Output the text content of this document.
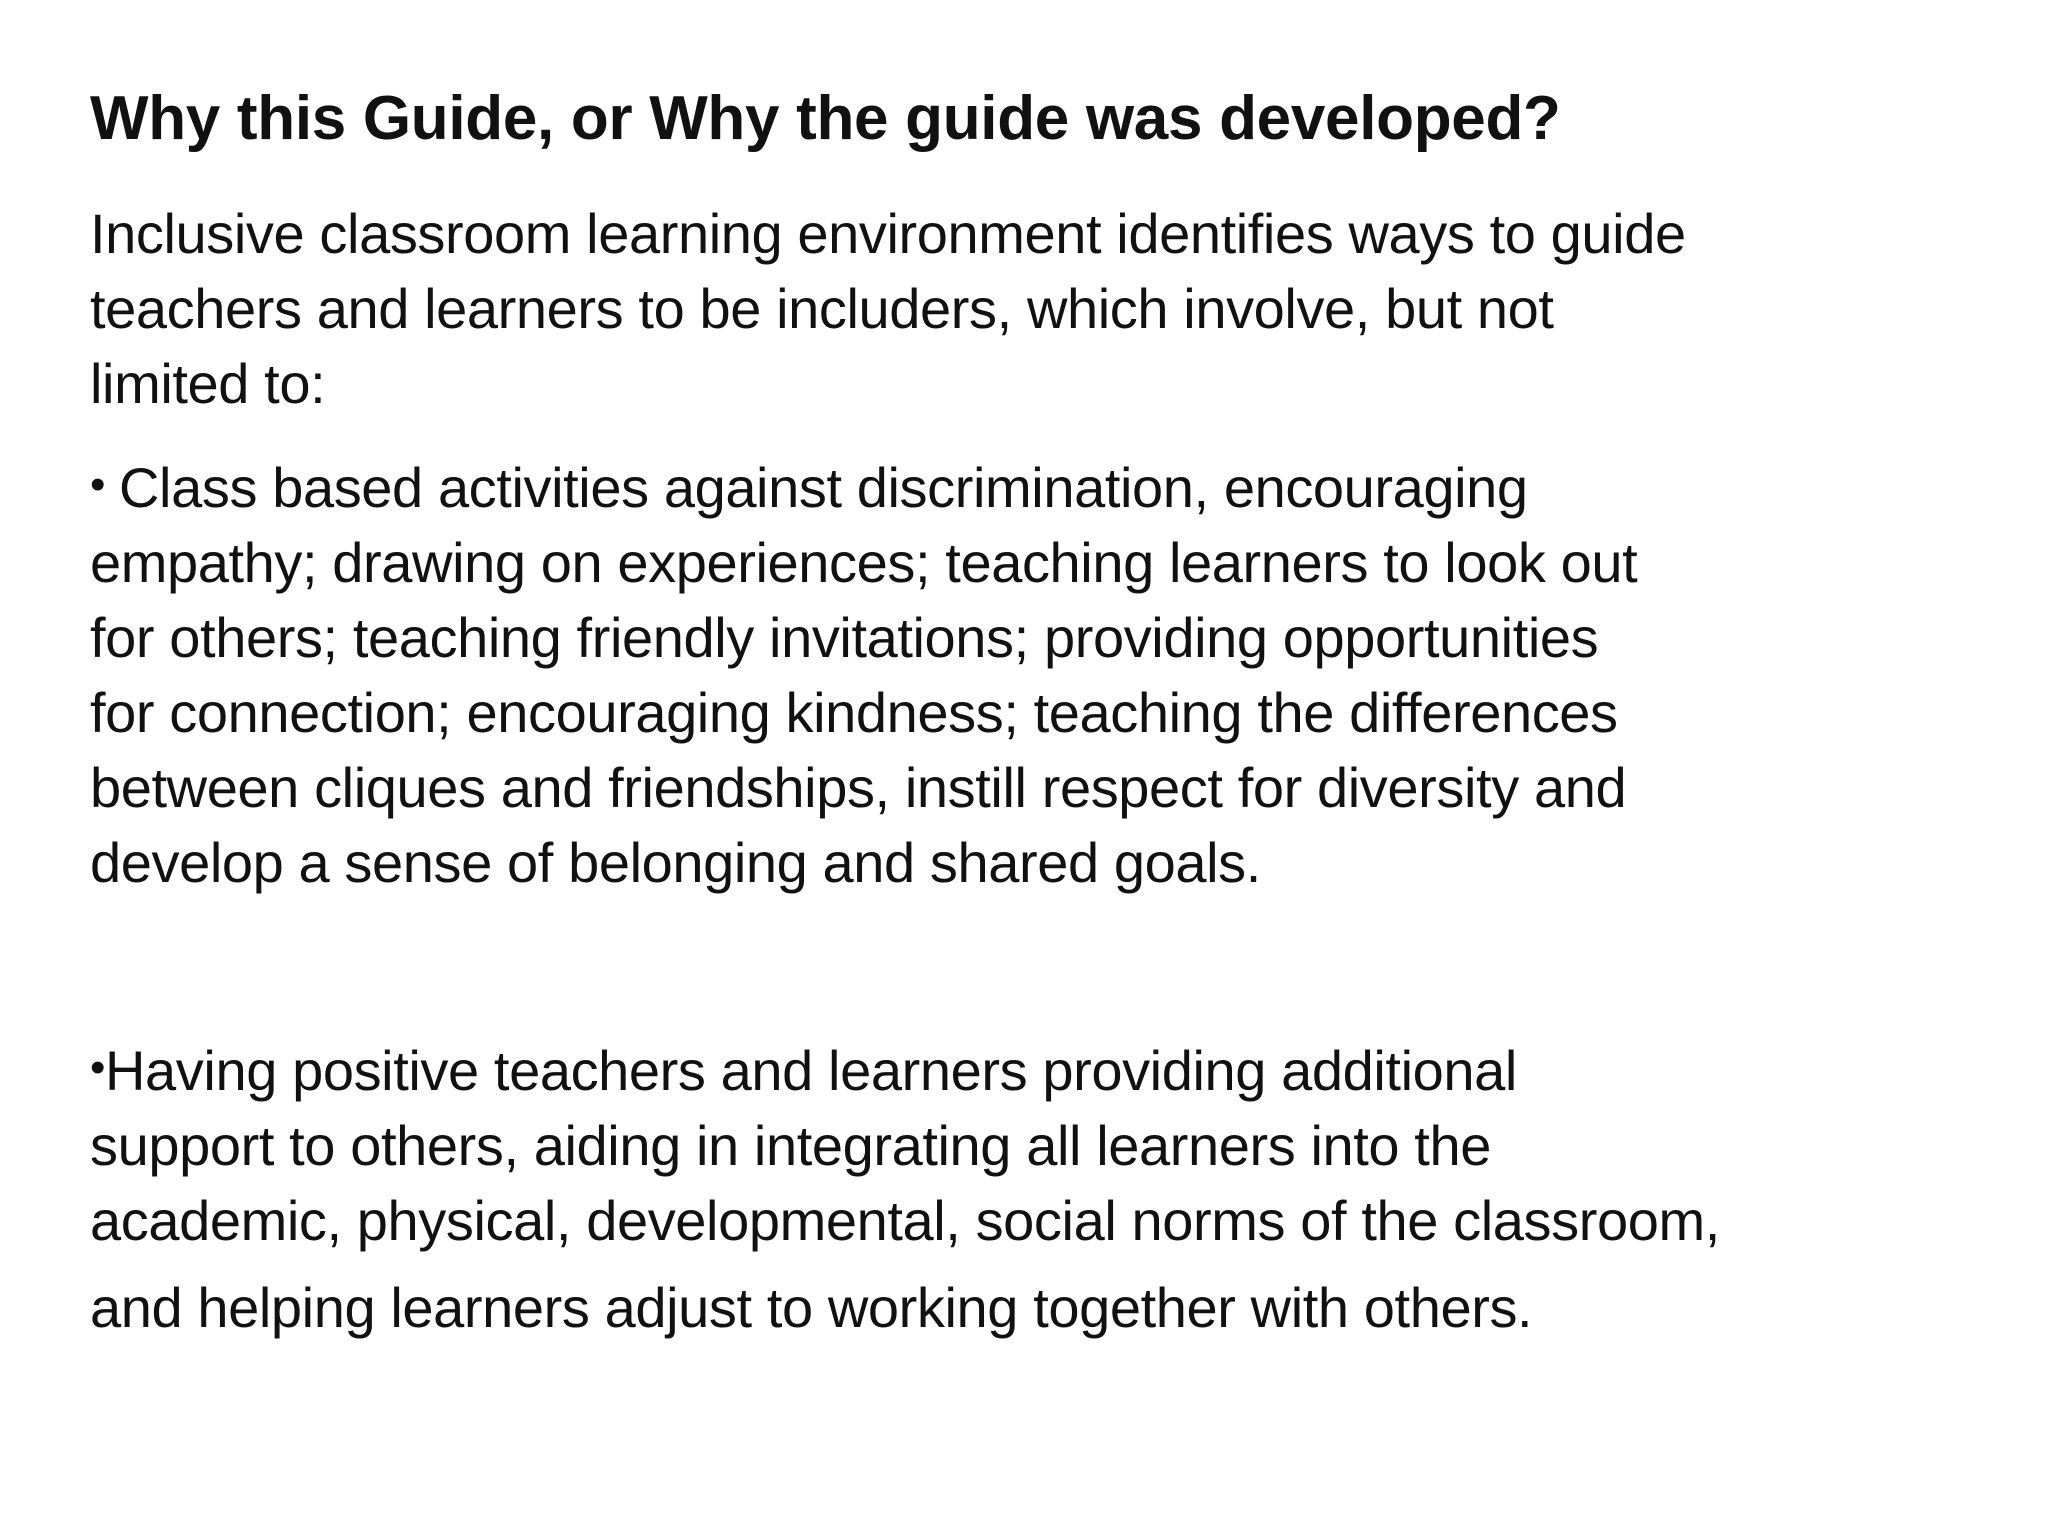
Why this Guide, or Why the guide was developed?

Inclusive classroom learning environment identifies ways to guide
teachers and learners to be includers, which involve, but not
limited to:

• Class based activities against discrimination, encouraging
empathy; drawing on experiences; teaching learners to look out
for others; teaching friendly invitations; providing opportunities
for connection; encouraging kindness; teaching the differences
between cliques and friendships, instill respect for diversity and
develop a sense of belonging and shared goals.
•Having positive teachers and learners providing additional
support to others, aiding in integrating all learners into the
academic, physical, developmental, social norms of the classroom,
and helping learners adjust to working together with others.
